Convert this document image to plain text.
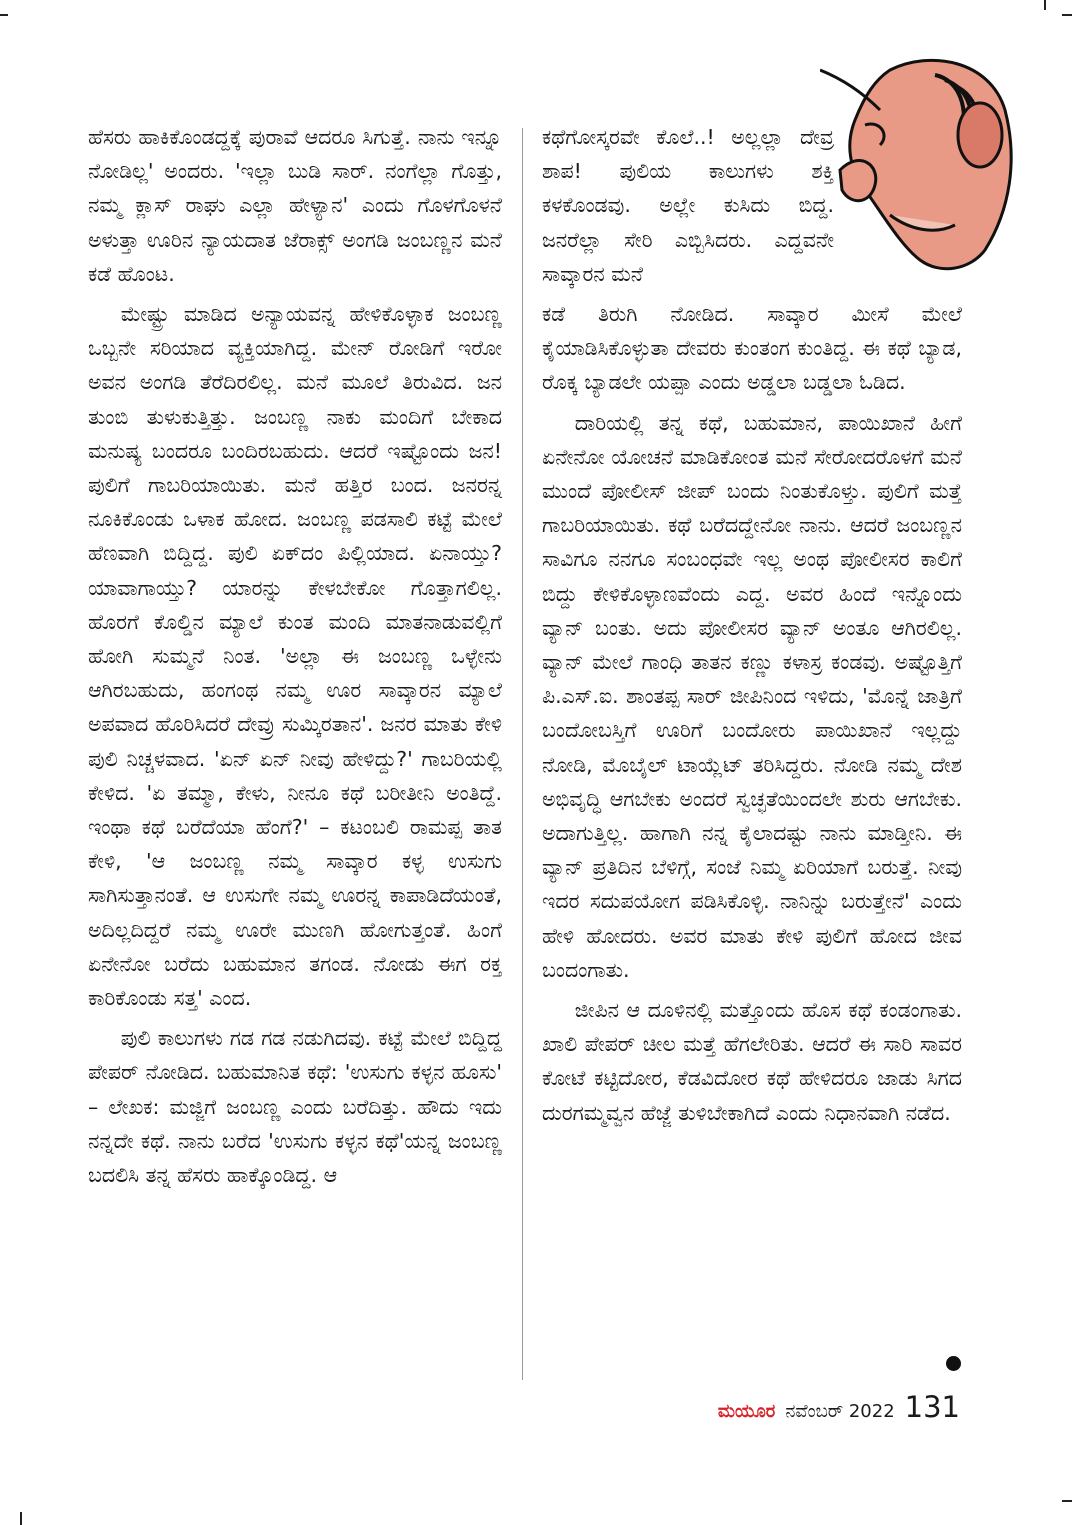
ಹೆಸರು ಹಾಕಿಕೊಂಡದ್ದಕ್ಕೆ ಪುರಾವೆ ಆದರೂ ಸಿಗುತ್ತೆ. ನಾನು ಇನ್ನೂ ನೋಡಿಲ್ಲ' ಅಂದರು. 'ಇಲ್ಲಾ ಬುಡಿ ಸಾರ್. ನಂಗೆಲ್ಲಾ ಗೊತ್ತು, ನಮ್ಮ ಕ್ಲಾಸ್ ರಾಘು ಎಲ್ಲಾ ಹೇಳ್ಯಾನ' ಎಂದು ಗೊಳಗೊಳನೆ ಅಳುತ್ತಾ ಊರಿನ ನ್ಯಾಯದಾತ ಜೆರಾಕ್ಸ್ ಅಂಗಡಿ ಜಂಬಣ್ಣನ ಮನೆ ಕಡೆ ಹೊಂಟ.

ಮೇಷ್ಟ್ರು ಮಾಡಿದ ಅನ್ಯಾಯವನ್ನ ಹೇಳಿಕೊಳ್ಳಾಕ ಜಂಬಣ್ಣ ಒಬ್ಬನೇ ಸರಿಯಾದ ವ್ಯಕ್ತಿಯಾಗಿದ್ದ. ಮೇನ್ ರೋಡಿಗೆ ಇರೋ ಅವನ ಅಂಗಡಿ ತೆರೆದಿರಲಿಲ್ಲ. ಮನೆ ಮೂಲೆ ತಿರುವಿದ. ಜನ ತುಂಬಿ ತುಳುಕುತ್ತಿತ್ತು. ಜಂಬಣ್ಣ ನಾಕು ಮಂದಿಗೆ ಬೇಕಾದ ಮನುಷ್ಯ ಬಂದರೂ ಬಂದಿರಬಹುದು. ಆದರೆ ಇಷ್ಟೊಂದು ಜನ! ಪುಲಿಗೆ ಗಾಬರಿಯಾಯಿತು. ಮನೆ ಹತ್ತಿರ ಬಂದ. ಜನರನ್ನ ನೂಕಿಕೊಂಡು ಒಳಾಕ ಹೋದ. ಜಂಬಣ್ಣ ಪಡಸಾಲಿ ಕಟ್ಟೆ ಮೇಲೆ ಹೆಣವಾಗಿ ಬಿದ್ದಿದ್ದ. ಪುಲಿ ಏಕ್‌ದಂ ಪಿಲ್ಲಿಯಾದ. ಏನಾಯ್ತು? ಯಾವಾಗಾಯ್ತು? ಯಾರನ್ನು ಕೇಳಬೇಕೋ ಗೊತ್ತಾಗಲಿಲ್ಲ. ಹೊರಗೆ ಕೊಲ್ಡಿನ ಮ್ಯಾಲೆ ಕುಂತ ಮಂದಿ ಮಾತನಾಡುವಲ್ಲಿಗೆ ಹೋಗಿ ಸುಮ್ಮನೆ ನಿಂತ. 'ಅಲ್ಲಾ ಈ ಜಂಬಣ್ಣ ಒಳ್ಳೇನು ಆಗಿರಬಹುದು, ಹಂಗಂಥ ನಮ್ಮ ಊರ ಸಾವ್ಕಾರನ ಮ್ಯಾಲೆ ಅಪವಾದ ಹೊರಿಸಿದರೆ ದೇವ್ರು ಸುಮ್ಕಿರತಾನ'. ಜನರ ಮಾತು ಕೇಳಿ ಪುಲಿ ನಿಚ್ಚಳವಾದ. 'ಏನ್ ಏನ್ ನೀವು ಹೇಳಿದ್ದು?' ಗಾಬರಿಯಲ್ಲಿ ಕೇಳಿದ. 'ಏ ತಮ್ಮಾ, ಕೇಳು, ನೀನೂ ಕಥೆ ಬರೀತೀನಿ ಅಂತಿದ್ದೆ. ಇಂಥಾ ಕಥೆ ಬರೆದೆಯಾ ಹೆಂಗೆ?' – ಕಟಂಬಲಿ ರಾಮಪ್ಪ ತಾತ ಕೇಳಿ, 'ಆ ಜಂಬಣ್ಣ ನಮ್ಮ ಸಾವ್ಕಾರ ಕಳ್ಳ ಉಸುಗು ಸಾಗಿಸುತ್ತಾನಂತೆ. ಆ ಉಸುಗೇ ನಮ್ಮ ಊರನ್ನ ಕಾಪಾಡಿದೆಯಂತೆ, ಅದಿಲ್ಲದಿದ್ದರೆ ನಮ್ಮ ಊರೇ ಮುಣಗಿ ಹೋಗುತ್ತಂತೆ. ಹಿಂಗೆ ಏನೇನೋ ಬರೆದು ಬಹುಮಾನ ತಗಂಡ. ನೋಡು ಈಗ ರಕ್ತ ಕಾರಿಕೊಂಡು ಸತ್ತ' ಎಂದ.

ಪುಲಿ ಕಾಲುಗಳು ಗಡ ಗಡ ನಡುಗಿದವು. ಕಟ್ಟೆ ಮೇಲೆ ಬಿದ್ದಿದ್ದ ಪೇಪರ್ ನೋಡಿದ. ಬಹುಮಾನಿತ ಕಥೆ: 'ಉಸುಗು ಕಳ್ಳನ ಹೂಸು' – ಲೇಖಕ: ಮಜ್ಜಿಗೆ ಜಂಬಣ್ಣ ಎಂದು ಬರೆದಿತ್ತು. ಹೌದು ಇದು ನನ್ನದೇ ಕಥೆ. ನಾನು ಬರೆದ 'ಉಸುಗು ಕಳ್ಳನ ಕಥೆ'ಯನ್ನ ಜಂಬಣ್ಣ ಬದಲಿಸಿ ತನ್ನ ಹೆಸರು ಹಾಕ್ಕೊಂಡಿದ್ದ. ಆ

ಕಥೆಗೋಸ್ಕರವೇ ಕೊಲೆ..! ಅಲ್ಲಲ್ಲಾ ದೇವ್ರ ಶಾಪ! ಪುಲಿಯ ಕಾಲುಗಳು ಶಕ್ತಿ ಕಳಕೊಂಡವು. ಅಲ್ಲೇ ಕುಸಿದು ಬಿದ್ದ. ಜನರೆಲ್ಲಾ ಸೇರಿ ಎಬ್ಬಿಸಿದರು. ಎದ್ದವನೇ ಸಾವ್ಕಾರನ ಮನೆ

ಕಡೆ ತಿರುಗಿ ನೋಡಿದ. ಸಾವ್ಕಾರ ಮೀಸೆ ಮೇಲೆ ಕೈಯಾಡಿಸಿಕೊಳ್ಳುತಾ ದೇವರು ಕುಂತಂಗ ಕುಂತಿದ್ದ. ಈ ಕಥೆ ಬ್ಯಾಡ, ರೊಕ್ಕ ಬ್ಯಾಡಲೇ ಯಪ್ಪಾ ಎಂದು ಅಡ್ಡಲಾ ಬಡ್ಡಲಾ ಓಡಿದ.

ದಾರಿಯಲ್ಲಿ ತನ್ನ ಕಥೆ, ಬಹುಮಾನ, ಪಾಯಿಖಾನೆ ಹೀಗೆ ಏನೇನೋ ಯೋಚನೆ ಮಾಡಿಕೋಂತ ಮನೆ ಸೇರೋದರೊಳಗೆ ಮನೆ ಮುಂದೆ ಪೋಲೀಸ್ ಜೀಪ್ ಬಂದು ನಿಂತುಕೊಳ್ತು. ಪುಲಿಗೆ ಮತ್ತೆ ಗಾಬರಿಯಾಯಿತು. ಕಥೆ ಬರೆದದ್ದೇನೋ ನಾನು. ಆದರೆ ಜಂಬಣ್ಣನ ಸಾವಿಗೂ ನನಗೂ ಸಂಬಂಧವೇ ಇಲ್ಲ ಅಂಥ ಪೋಲೀಸರ ಕಾಲಿಗೆ ಬಿದ್ದು ಕೇಳಿಕೊಳ್ಳಾಣವೆಂದು ಎದ್ದ. ಅವರ ಹಿಂದೆ ಇನ್ನೊಂದು ವ್ಯಾನ್ ಬಂತು. ಅದು ಪೋಲೀಸರ ವ್ಯಾನ್ ಅಂತೂ ಆಗಿರಲಿಲ್ಲ. ವ್ಯಾನ್ ಮೇಲೆ ಗಾಂಧಿ ತಾತನ ಕಣ್ಣು ಕಳಾಸ್ರ ಕಂಡವು. ಅಷ್ಟೊತ್ತಿಗೆ ಪಿ.ಎಸ್.ಐ. ಶಾಂತಪ್ಪ ಸಾರ್ ಜೀಪಿನಿಂದ ಇಳಿದು, 'ಮೊನ್ನೆ ಜಾತ್ರಿಗೆ ಬಂದೋಬಸ್ತಿಗೆ ಊರಿಗೆ ಬಂದೋರು ಪಾಯಿಖಾನೆ ಇಲ್ಲದ್ದು ನೋಡಿ, ಮೊಬೈಲ್ ಟಾಯ್ಲೆಟ್ ತರಿಸಿದ್ದರು. ನೋಡಿ ನಮ್ಮ ದೇಶ ಅಭಿವೃದ್ಧಿ ಆಗಬೇಕು ಅಂದರೆ ಸ್ವಚ್ಛತೆಯಿಂದಲೇ ಶುರು ಆಗಬೇಕು. ಅದಾಗುತ್ತಿಲ್ಲ. ಹಾಗಾಗಿ ನನ್ನ ಕೈಲಾದಷ್ಟು ನಾನು ಮಾಡ್ತೀನಿ. ಈ ವ್ಯಾನ್ ಪ್ರತಿದಿನ ಬೆಳಿಗ್ಗೆ, ಸಂಜೆ ನಿಮ್ಮ ಏರಿಯಾಗೆ ಬರುತ್ತೆ. ನೀವು ಇದರ ಸದುಪಯೋಗ ಪಡಿಸಿಕೊಳ್ಳಿ. ನಾನಿನ್ನು ಬರುತ್ತೇನೆ' ಎಂದು ಹೇಳಿ ಹೋದರು. ಅವರ ಮಾತು ಕೇಳಿ ಪುಲಿಗೆ ಹೋದ ಜೀವ ಬಂದಂಗಾತು.

ಜೀಪಿನ ಆ ದೂಳಿನಲ್ಲಿ ಮತ್ತೊಂದು ಹೊಸ ಕಥೆ ಕಂಡಂಗಾತು. ಖಾಲಿ ಪೇಪರ್ ಚೀಲ ಮತ್ತೆ ಹೆಗಲೇರಿತು. ಆದರೆ ಈ ಸಾರಿ ಸಾವರ ಕೋಟೆ ಕಟ್ಟಿದೋರ, ಕೆಡವಿದೋರ ಕಥೆ ಹೇಳಿದರೂ ಜಾಡು ಸಿಗದ ದುರಗಮ್ಮವ್ವನ ಹೆಜ್ಜೆ ತುಳಿಬೇಕಾಗಿದೆ ಎಂದು ನಿಧಾನವಾಗಿ ನಡೆದ.

ಮಯೂರ ನವೆಂಬರ್ 2022 131
